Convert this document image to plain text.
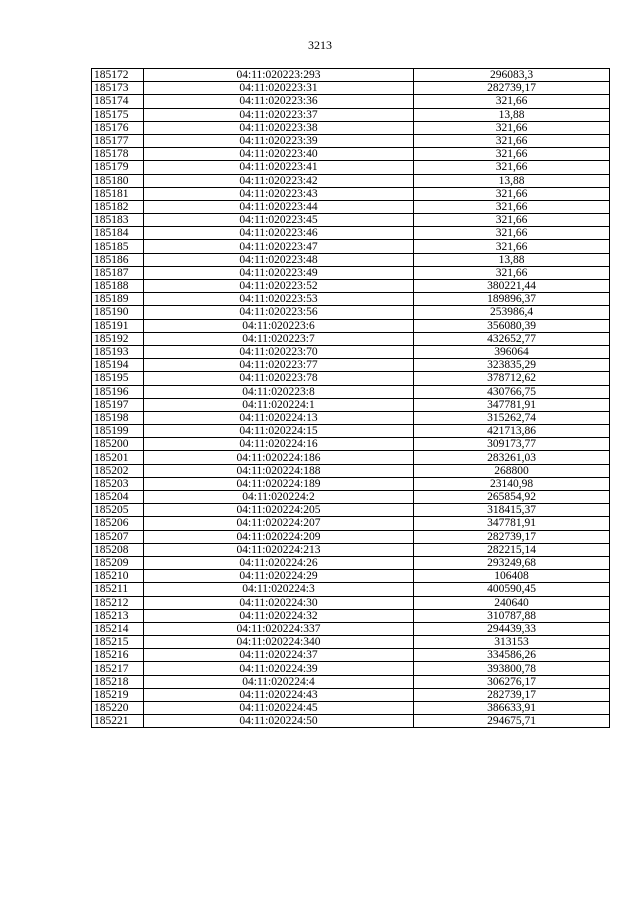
3213
185172	04:11:020223:293	296083,3
185173	04:11:020223:31	282739,17
185174	04:11:020223:36	321,66
185175	04:11:020223:37	13,88
185176	04:11:020223:38	321,66
185177	04:11:020223:39	321,66
185178	04:11:020223:40	321,66
185179	04:11:020223:41	321,66
185180	04:11:020223:42	13,88
185181	04:11:020223:43	321,66
185182	04:11:020223:44	321,66
185183	04:11:020223:45	321,66
185184	04:11:020223:46	321,66
185185	04:11:020223:47	321,66
185186	04:11:020223:48	13,88
185187	04:11:020223:49	321,66
185188	04:11:020223:52	380221,44
185189	04:11:020223:53	189896,37
185190	04:11:020223:56	253986,4
185191	04:11:020223:6	356080,39
185192	04:11:020223:7	432652,77
185193	04:11:020223:70	396064
185194	04:11:020223:77	323835,29
185195	04:11:020223:78	378712,62
185196	04:11:020223:8	430766,75
185197	04:11:020224:1	347781,91
185198	04:11:020224:13	315262,74
185199	04:11:020224:15	421713,86
185200	04:11:020224:16	309173,77
185201	04:11:020224:186	283261,03
185202	04:11:020224:188	268800
185203	04:11:020224:189	23140,98
185204	04:11:020224:2	265854,92
185205	04:11:020224:205	318415,37
185206	04:11:020224:207	347781,91
185207	04:11:020224:209	282739,17
185208	04:11:020224:213	282215,14
185209	04:11:020224:26	293249,68
185210	04:11:020224:29	106408
185211	04:11:020224:3	400590,45
185212	04:11:020224:30	240640
185213	04:11:020224:32	310787,88
185214	04:11:020224:337	294439,33
185215	04:11:020224:340	313153
185216	04:11:020224:37	334586,26
185217	04:11:020224:39	393800,78
185218	04:11:020224:4	306276,17
185219	04:11:020224:43	282739,17
185220	04:11:020224:45	386633,91
185221	04:11:020224:50	294675,71
